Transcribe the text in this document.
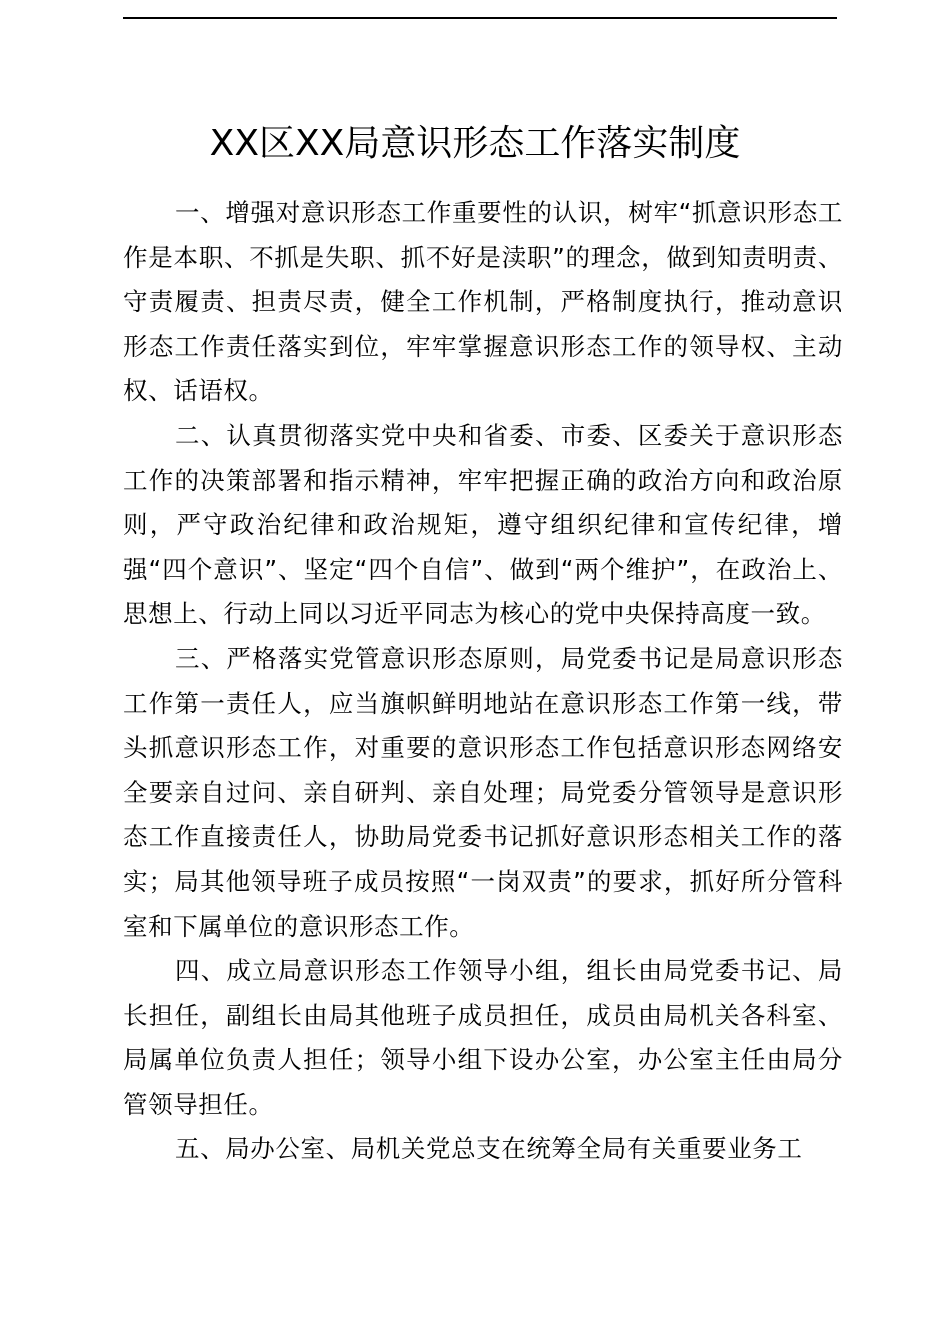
XX区XX局意识形态工作落实制度

一、增强对意识形态工作重要性的认识，树牢“抓意识形态工作是本职、不抓是失职、抓不好是渎职”的理念，做到知责明责、守责履责、担责尽责，健全工作机制，严格制度执行，推动意识形态工作责任落实到位，牢牢掌握意识形态工作的领导权、主动权、话语权。

二、认真贯彻落实党中央和省委、市委、区委关于意识形态工作的决策部署和指示精神，牢牢把握正确的政治方向和政治原则，严守政治纪律和政治规矩，遵守组织纪律和宣传纪律，增强“四个意识”、坚定“四个自信”、做到“两个维护”，在政治上、思想上、行动上同以习近平同志为核心的党中央保持高度一致。

三、严格落实党管意识形态原则，局党委书记是局意识形态工作第一责任人，应当旗帜鲜明地站在意识形态工作第一线，带头抓意识形态工作，对重要的意识形态工作包括意识形态网络安全要亲自过问、亲自研判、亲自处理；局党委分管领导是意识形态工作直接责任人，协助局党委书记抓好意识形态相关工作的落实；局其他领导班子成员按照“一岗双责”的要求，抓好所分管科室和下属单位的意识形态工作。

四、成立局意识形态工作领导小组，组长由局党委书记、局长担任，副组长由局其他班子成员担任，成员由局机关各科室、局属单位负责人担任；领导小组下设办公室，办公室主任由局分管领导担任。

五、局办公室、局机关党总支在统筹全局有关重要业务工
